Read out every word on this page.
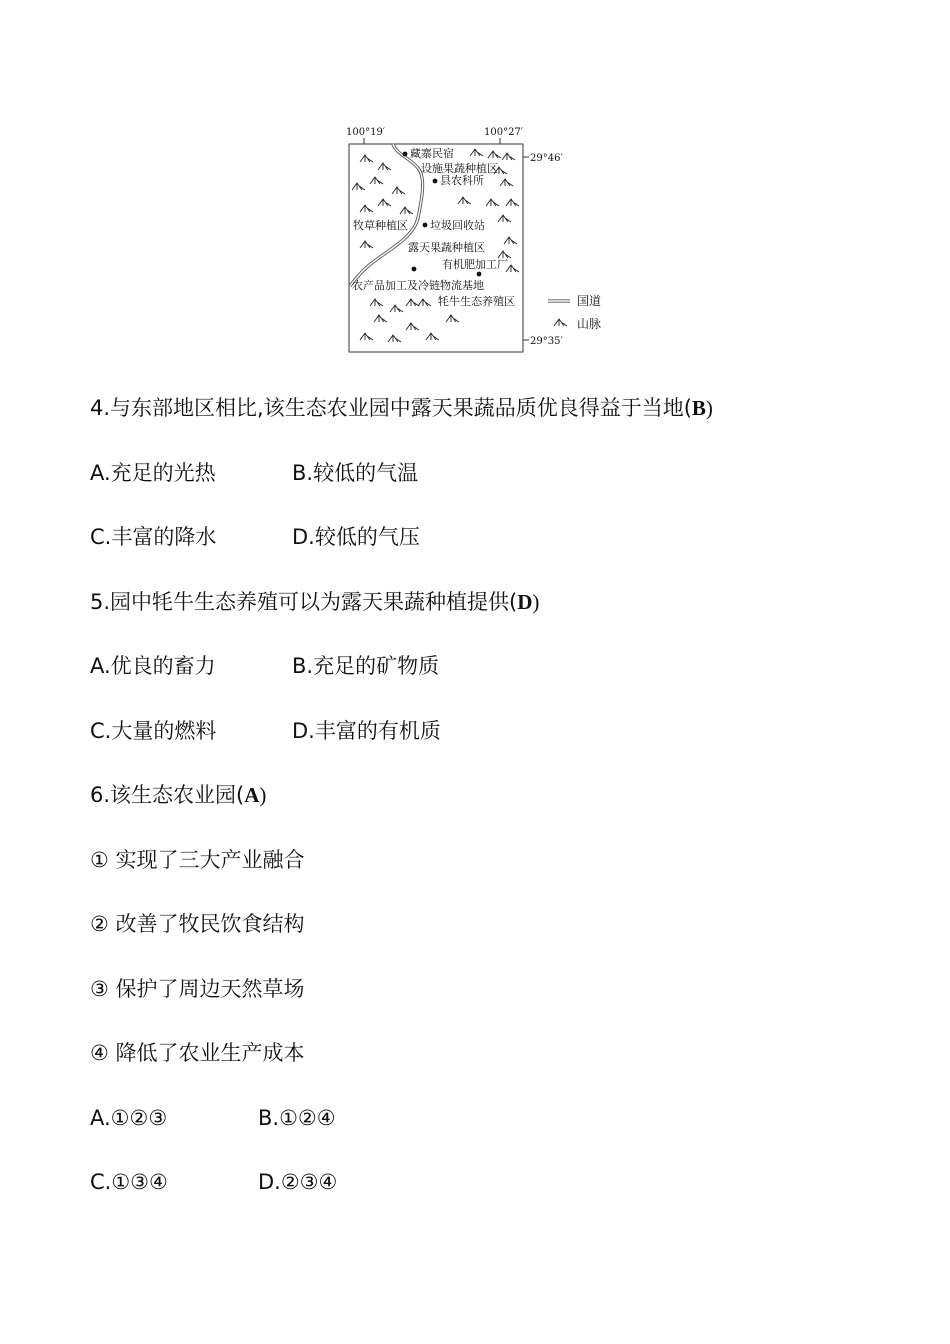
100°19′	100°27′
29°46′
29°35′
藏寨民宿
设施果蔬种植区
县农科所
牧草种植区 垃圾回收站
露天果蔬种植区
有机肥加工厂
农产品加工及冷链物流基地
牦牛生态养殖区	国道
山脉
4.与东部地区相比,该生态农业园中露天果蔬品质优良得益于当地(B)
A.充足的光热	B.较低的气温
C.丰富的降水	D.较低的气压
5.园中牦牛生态养殖可以为露天果蔬种植提供(D)
A.优良的畜力	B.充足的矿物质
C.大量的燃料	D.丰富的有机质
6.该生态农业园(A)
① 实现了三大产业融合
② 改善了牧民饮食结构
③ 保护了周边天然草场
④ 降低了农业生产成本
A.①②③	B.①②④
C.①③④	D.②③④
